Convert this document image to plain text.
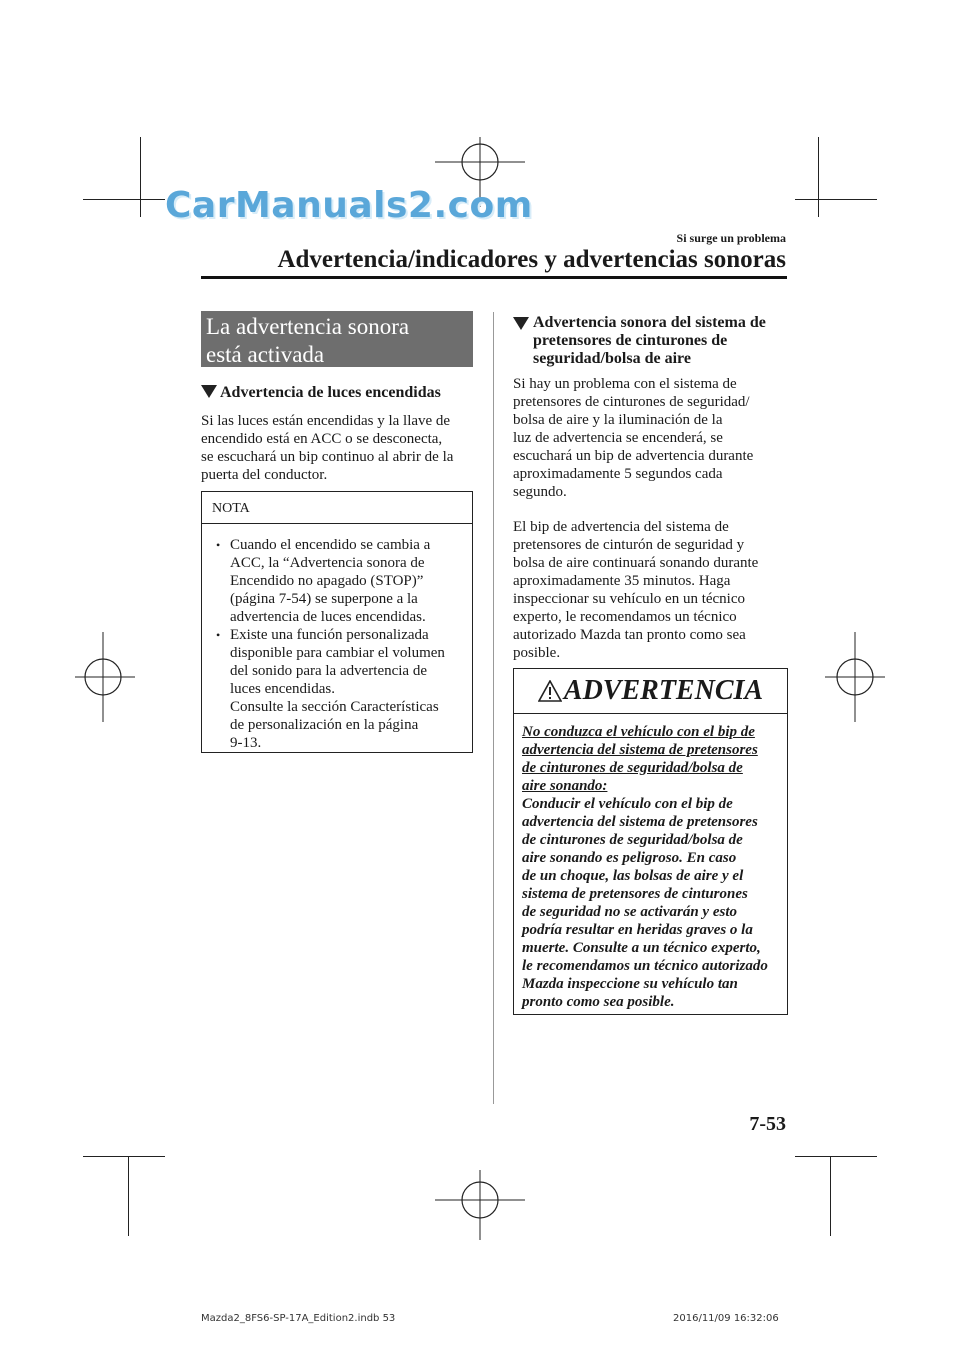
CarManuals2.com
Si surge un problema
Advertencia/indicadores y advertencias sonoras
La advertencia sonora
está activada
Advertencia de luces encendidas
Si las luces están encendidas y la llave de
encendido está en ACC o se desconecta,
se escuchará un bip continuo al abrir de la
puerta del conductor.
NOTA
• Cuando el encendido se cambia a
ACC, la “Advertencia sonora de
Encendido no apagado (STOP)”
(página 7-54) se superpone a la
advertencia de luces encendidas.
• Existe una función personalizada
disponible para cambiar el volumen
del sonido para la advertencia de
luces encendidas.
Consulte la sección Características
de personalización en la página
9-13.
Advertencia sonora del sistema de
pretensores de cinturones de
seguridad/bolsa de aire
Si hay un problema con el sistema de
pretensores de cinturones de seguridad/
bolsa de aire y la iluminación de la
luz de advertencia se encenderá, se
escuchará un bip de advertencia durante
aproximadamente 5 segundos cada
segundo.
El bip de advertencia del sistema de
pretensores de cinturón de seguridad y
bolsa de aire continuará sonando durante
aproximadamente 35 minutos. Haga
inspeccionar su vehículo en un técnico
experto, le recomendamos un técnico
autorizado Mazda tan pronto como sea
posible.
ADVERTENCIA
No conduzca el vehículo con el bip de
advertencia del sistema de pretensores
de cinturones de seguridad/bolsa de
aire sonando:
Conducir el vehículo con el bip de
advertencia del sistema de pretensores
de cinturones de seguridad/bolsa de
aire sonando es peligroso. En caso
de un choque, las bolsas de aire y el
sistema de pretensores de cinturones
de seguridad no se activarán y esto
podría resultar en heridas graves o la
muerte. Consulte a un técnico experto,
le recomendamos un técnico autorizado
Mazda inspeccione su vehículo tan
pronto como sea posible.
7-53
Mazda2_8FS6-SP-17A_Edition2.indb 53	2016/11/09 16:32:06
